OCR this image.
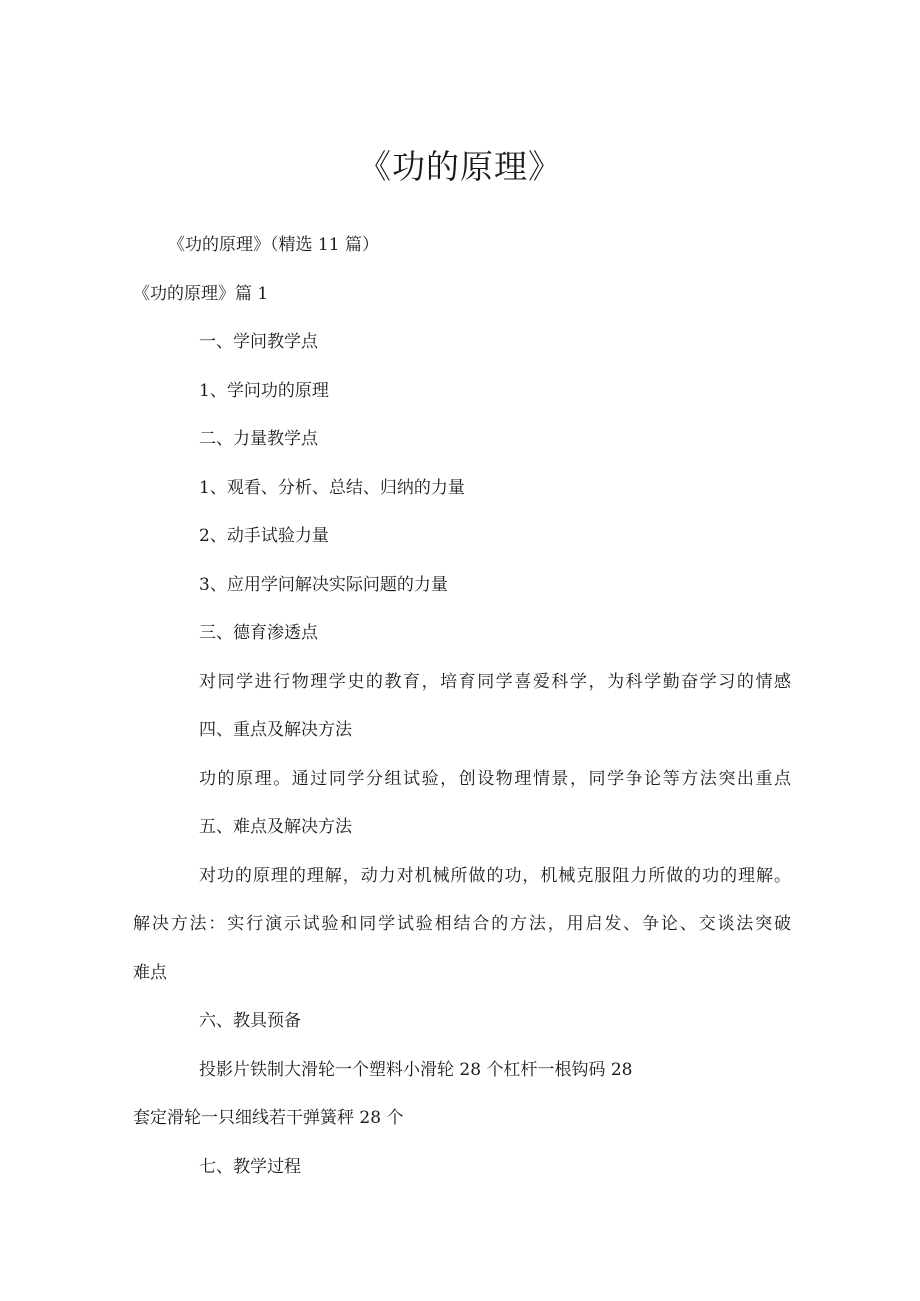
《功的原理》
《功的原理》（精选 11 篇）
《功的原理》篇 1
一、学问教学点
1、学问功的原理
二、力量教学点
1、观看、分析、总结、归纳的力量
2、动手试验力量
3、应用学问解决实际问题的力量
三、德育渗透点
对同学进行物理学史的教育，培育同学喜爱科学，为科学勤奋学习的情感
四、重点及解决方法
功的原理。通过同学分组试验，创设物理情景，同学争论等方法突出重点
五、难点及解决方法
对功的原理的理解，动力对机械所做的功，机械克服阻力所做的功的理解。
解决方法：实行演示试验和同学试验相结合的方法，用启发、争论、交谈法突破
难点
六、教具预备
投影片铁制大滑轮一个塑料小滑轮 28 个杠杆一根钩码 28
套定滑轮一只细线若干弹簧秤 28 个
七、教学过程
